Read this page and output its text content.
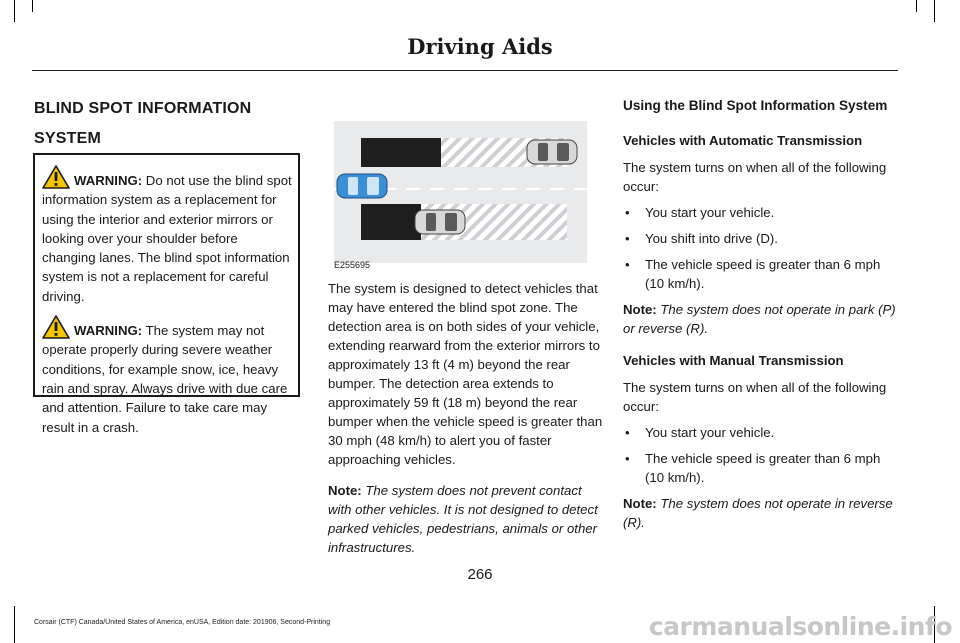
Driving Aids
BLIND SPOT INFORMATION
SYSTEM

WARNING: Do not use the blind spot information system as a replacement for using the interior and exterior mirrors or looking over your shoulder before changing lanes. The blind spot information system is not a replacement for careful driving.

WARNING: The system may not operate properly during severe weather conditions, for example snow, ice, heavy rain and spray. Always drive with due care and attention. Failure to take care may result in a crash.

E255695

The system is designed to detect vehicles that may have entered the blind spot zone. The detection area is on both sides of your vehicle, extending rearward from the exterior mirrors to approximately 13 ft (4 m) beyond the rear bumper. The detection area extends to approximately 59 ft (18 m) beyond the rear bumper when the vehicle speed is greater than 30 mph (48 km/h) to alert you of faster approaching vehicles.

Note: The system does not prevent contact with other vehicles. It is not designed to detect parked vehicles, pedestrians, animals or other infrastructures.

Using the Blind Spot Information System

Vehicles with Automatic Transmission

The system turns on when all of the following occur:

• You start your vehicle.
• You shift into drive (D).
• The vehicle speed is greater than 6 mph (10 km/h).

Note: The system does not operate in park (P) or reverse (R).

Vehicles with Manual Transmission

The system turns on when all of the following occur:

• You start your vehicle.
• The vehicle speed is greater than 6 mph (10 km/h).

Note: The system does not operate in reverse (R).

266
Corsair (CTF) Canada/United States of America, enUSA, Edition date: 201906, Second-Printing	carmanualsonline.info
